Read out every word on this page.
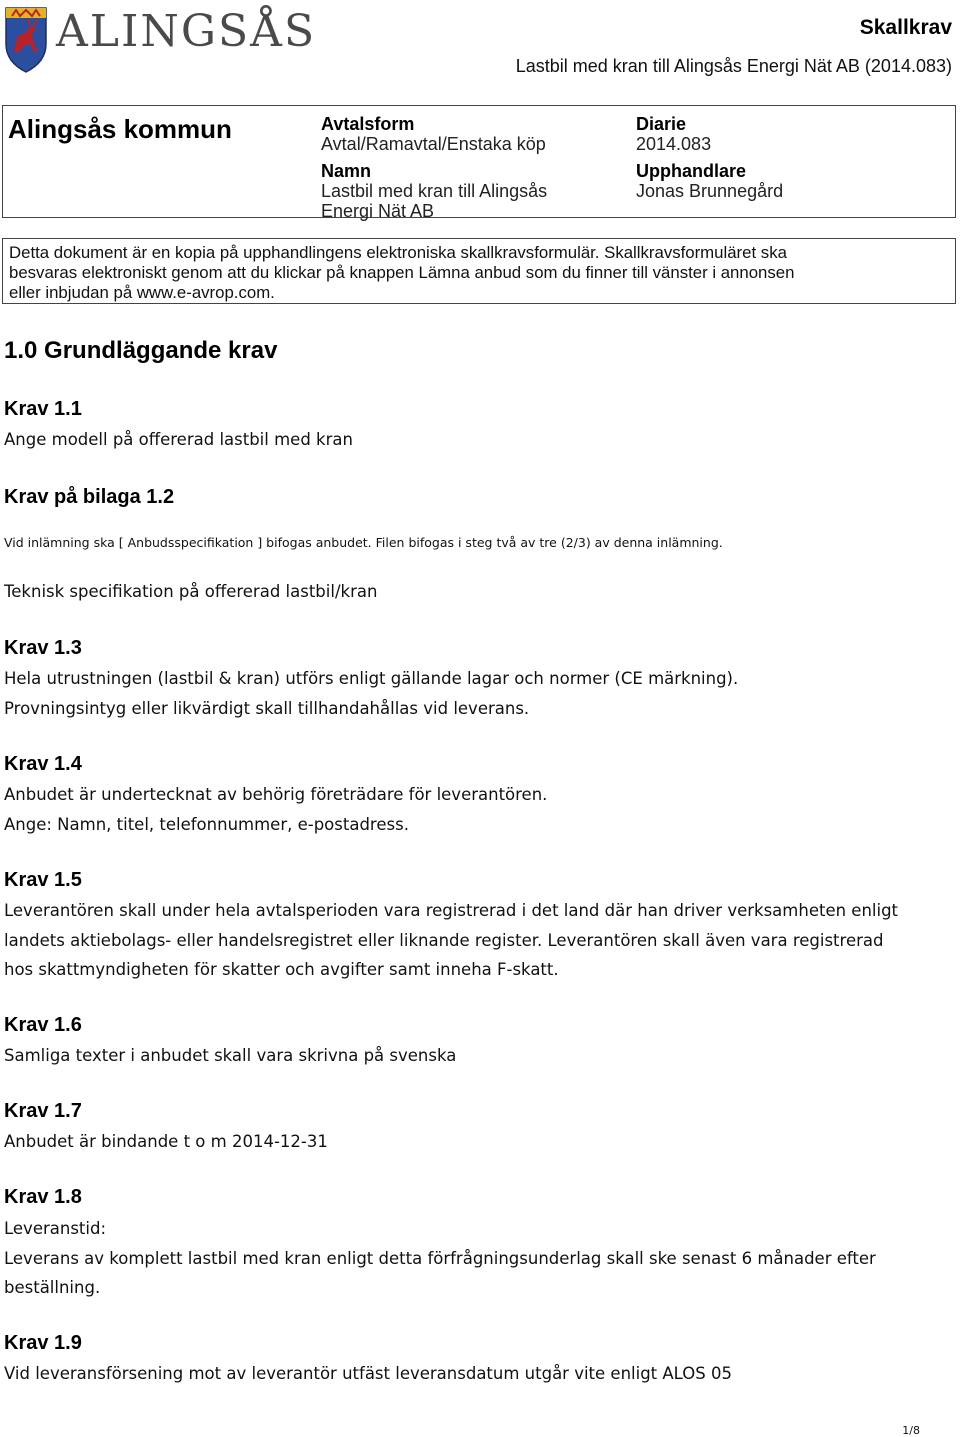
ALINGSÅS	Skallkrav
Lastbil med kran till Alingsås Energi Nät AB (2014.083)
Alingsås kommun	Avtalsform
Avtal/Ramavtal/Enstaka köp
Namn
Lastbil med kran till Alingsås
Energi Nät AB
Diarie
2014.083
Upphandlare
Jonas Brunnegård
Detta dokument är en kopia på upphandlingens elektroniska skallkravsformulär. Skallkravsformuläret ska
besvaras elektroniskt genom att du klickar på knappen Lämna anbud som du finner till vänster i annonsen
eller inbjudan på www.e-avrop.com.
1.0 Grundläggande krav
Krav 1.1
Ange modell på offererad lastbil med kran
Krav på bilaga 1.2
Vid inlämning ska [ Anbudsspecifikation ] bifogas anbudet. Filen bifogas i steg två av tre (2/3) av denna inlämning.
Teknisk specifikation på offererad lastbil/kran
Krav 1.3
Hela utrustningen (lastbil & kran) utförs enligt gällande lagar och normer (CE märkning).
Provningsintyg eller likvärdigt skall tillhandahållas vid leverans.
Krav 1.4
Anbudet är undertecknat av behörig företrädare för leverantören.
Ange: Namn, titel, telefonnummer, e-postadress.
Krav 1.5
Leverantören skall under hela avtalsperioden vara registrerad i det land där han driver verksamheten enligt
landets aktiebolags- eller handelsregistret eller liknande register. Leverantören skall även vara registrerad
hos skattmyndigheten för skatter och avgifter samt inneha F-skatt.
Krav 1.6
Samliga texter i anbudet skall vara skrivna på svenska
Krav 1.7
Anbudet är bindande t o m 2014-12-31
Krav 1.8
Leveranstid:
Leverans av komplett lastbil med kran enligt detta förfrågningsunderlag skall ske senast 6 månader efter
beställning.
Krav 1.9
Vid leveransförsening mot av leverantör utfäst leveransdatum utgår vite enligt ALOS 05
1/8
